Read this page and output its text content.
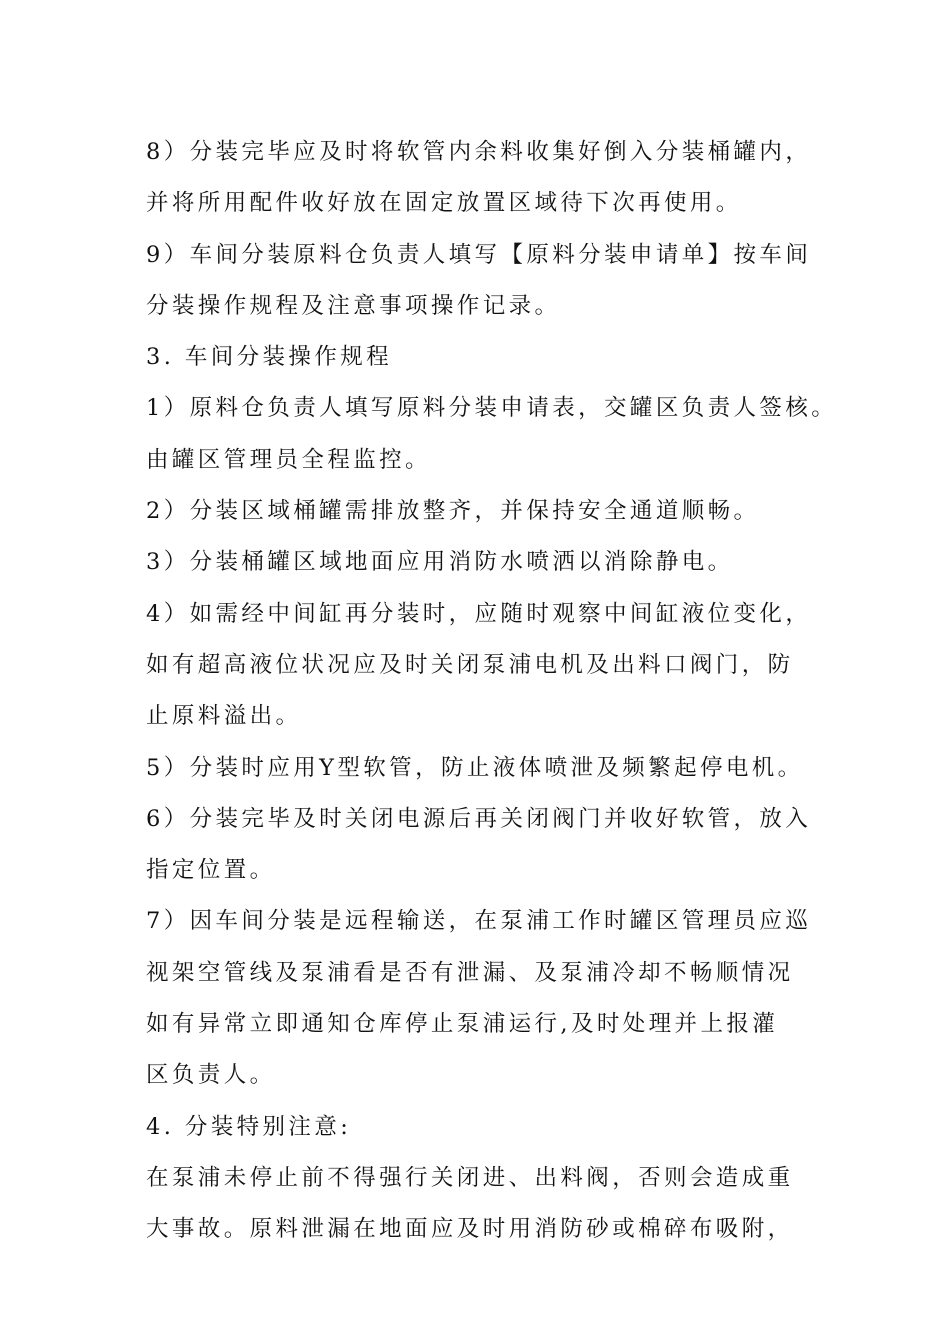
8）分装完毕应及时将软管内余料收集好倒入分装桶罐内，
并将所用配件收好放在固定放置区域待下次再使用。
9）车间分装原料仓负责人填写【原料分装申请单】按车间
分装操作规程及注意事项操作记录。
3. 车间分装操作规程
1）原料仓负责人填写原料分装申请表，交罐区负责人签核。
由罐区管理员全程监控。
2）分装区域桶罐需排放整齐，并保持安全通道顺畅。
3）分装桶罐区域地面应用消防水喷洒以消除静电。
4）如需经中间缸再分装时，应随时观察中间缸液位变化，
如有超高液位状况应及时关闭泵浦电机及出料口阀门，防
止原料溢出。
5）分装时应用Y型软管，防止液体喷泄及频繁起停电机。
6）分装完毕及时关闭电源后再关闭阀门并收好软管，放入
指定位置。
7）因车间分装是远程输送，在泵浦工作时罐区管理员应巡
视架空管线及泵浦看是否有泄漏、及泵浦冷却不畅顺情况
如有异常立即通知仓库停止泵浦运行,及时处理并上报灌
区负责人。
4. 分装特别注意:
在泵浦未停止前不得强行关闭进、出料阀，否则会造成重
大事故。原料泄漏在地面应及时用消防砂或棉碎布吸附，
